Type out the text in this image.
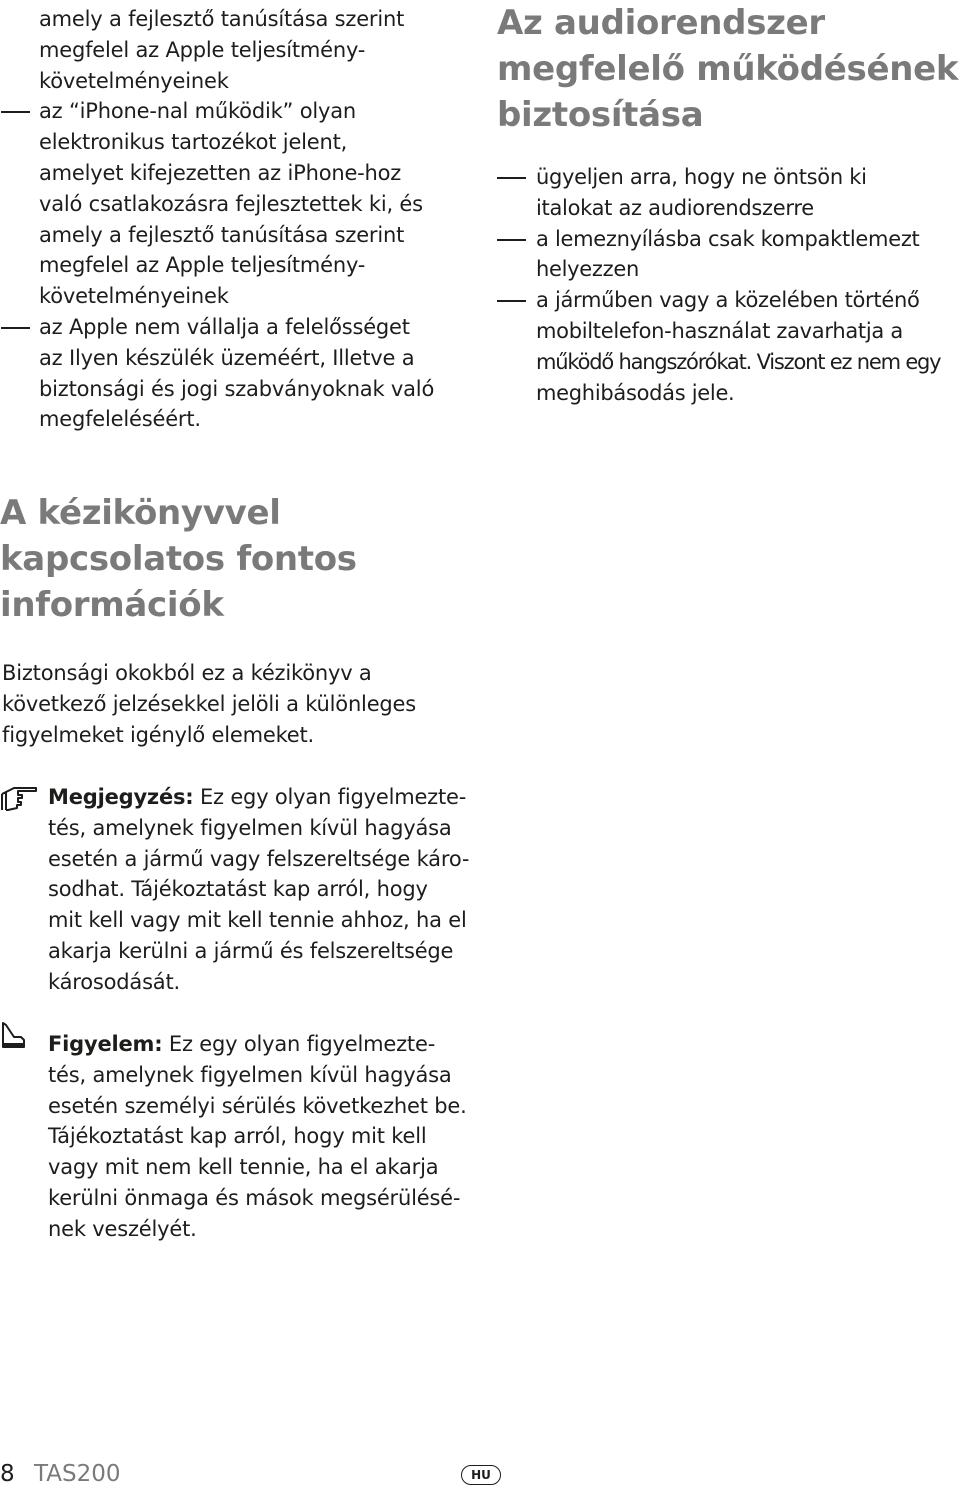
amely a fejlesztő tanúsítása szerint
megfelel az Apple teljesítmény-
követelményeinek
az “iPhone-nal működik” olyan
elektronikus tartozékot jelent,
amelyet kifejezetten az iPhone-hoz
való csatlakozásra fejlesztettek ki, és
amely a fejlesztő tanúsítása szerint
megfelel az Apple teljesítmény-
követelményeinek
az Apple nem vállalja a felelősséget
az Ilyen készülék üzeméért, Illetve a
biztonsági és jogi szabványoknak való
megfeleléséért.
Az audiorendszer
megfelelő működésének
biztosítása
ügyeljen arra, hogy ne öntsön ki
italokat az audiorendszerre
a lemeznyílásba csak kompaktlemezt
helyezzen
a járműben vagy a közelében történő
mobiltelefon-használat zavarhatja a
működő hangszórókat. Viszont ez nem egy
meghibásodás jele.
A kézikönyvvel
kapcsolatos fontos
információk
Biztonsági okokból ez a kézikönyv a
következő jelzésekkel jelöli a különleges
figyelmeket igénylő elemeket.
Megjegyzés: Ez egy olyan figyelmezte-
tés, amelynek figyelmen kívül hagyása
esetén a jármű vagy felszereltsége káro-
sodhat. Tájékoztatást kap arról, hogy
mit kell vagy mit kell tennie ahhoz, ha el
akarja kerülni a jármű és felszereltsége
károsodását.
Figyelem: Ez egy olyan figyelmezte-
tés, amelynek figyelmen kívül hagyása
esetén személyi sérülés következhet be.
Tájékoztatást kap arról, hogy mit kell
vagy mit nem kell tennie, ha el akarja
kerülni önmaga és mások megsérülésé-
nek veszélyét.
8 TAS200	HU
